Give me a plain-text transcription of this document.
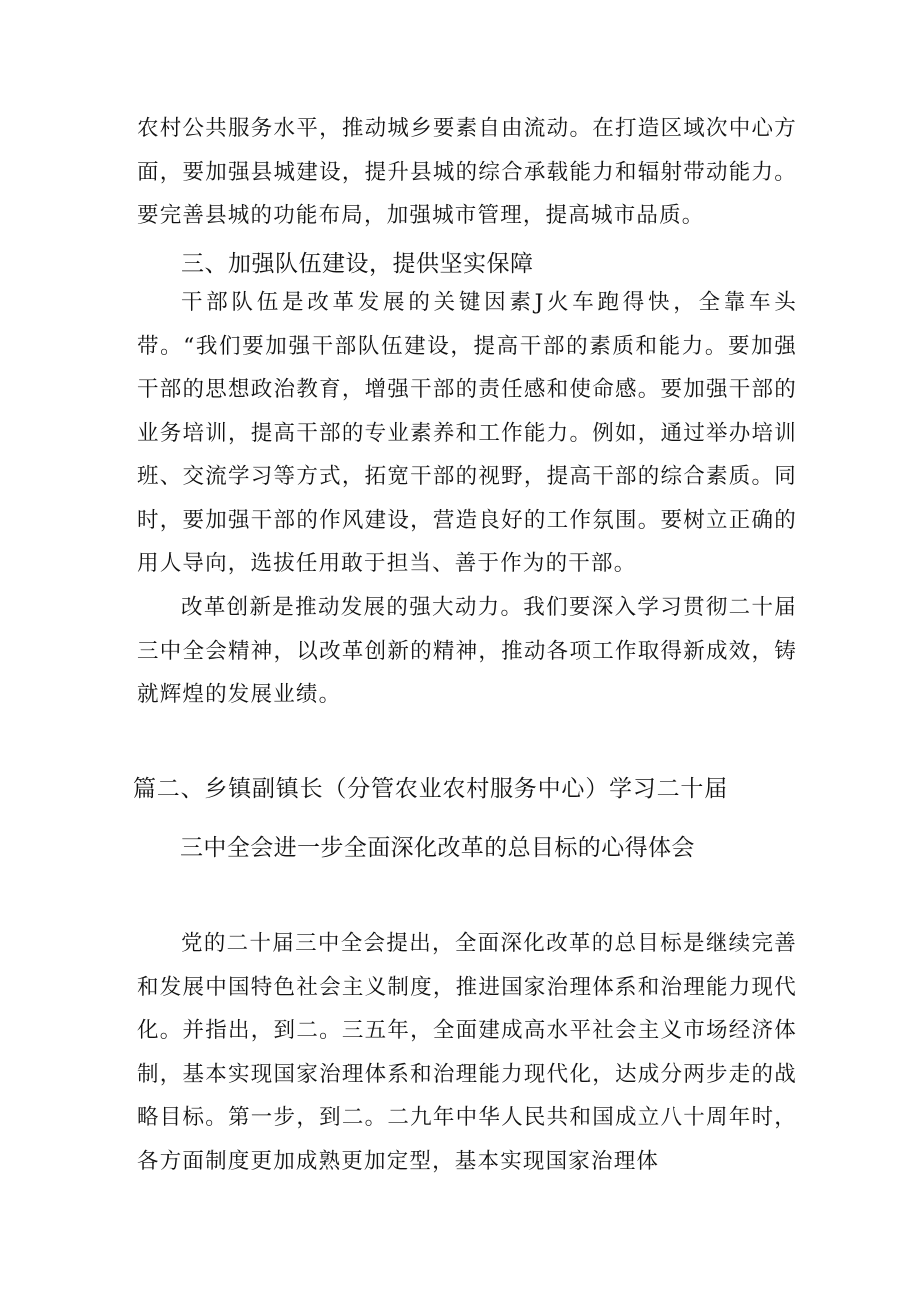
农村公共服务水平，推动城乡要素自由流动。在打造区域次中心方面，要加强县城建设，提升县城的综合承载能力和辐射带动能力。要完善县城的功能布局，加强城市管理，提高城市品质。

三、加强队伍建设，提供坚实保障

干部队伍是改革发展的关键因素J火车跑得快，全靠车头带。“我们要加强干部队伍建设，提高干部的素质和能力。要加强干部的思想政治教育，增强干部的责任感和使命感。要加强干部的业务培训，提高干部的专业素养和工作能力。例如，通过举办培训班、交流学习等方式，拓宽干部的视野，提高干部的综合素质。同时，要加强干部的作风建设，营造良好的工作氛围。要树立正确的用人导向，选拔任用敢于担当、善于作为的干部。

改革创新是推动发展的强大动力。我们要深入学习贯彻二十届三中全会精神，以改革创新的精神，推动各项工作取得新成效，铸就辉煌的发展业绩。

篇二、乡镇副镇长（分管农业农村服务中心）学习二十届
三中全会进一步全面深化改革的总目标的心得体会

党的二十届三中全会提出，全面深化改革的总目标是继续完善和发展中国特色社会主义制度，推进国家治理体系和治理能力现代化。并指出，到二。三五年，全面建成高水平社会主义市场经济体制，基本实现国家治理体系和治理能力现代化，达成分两步走的战略目标。第一步，到二。二九年中华人民共和国成立八十周年时，各方面制度更加成熟更加定型，基本实现国家治理体
